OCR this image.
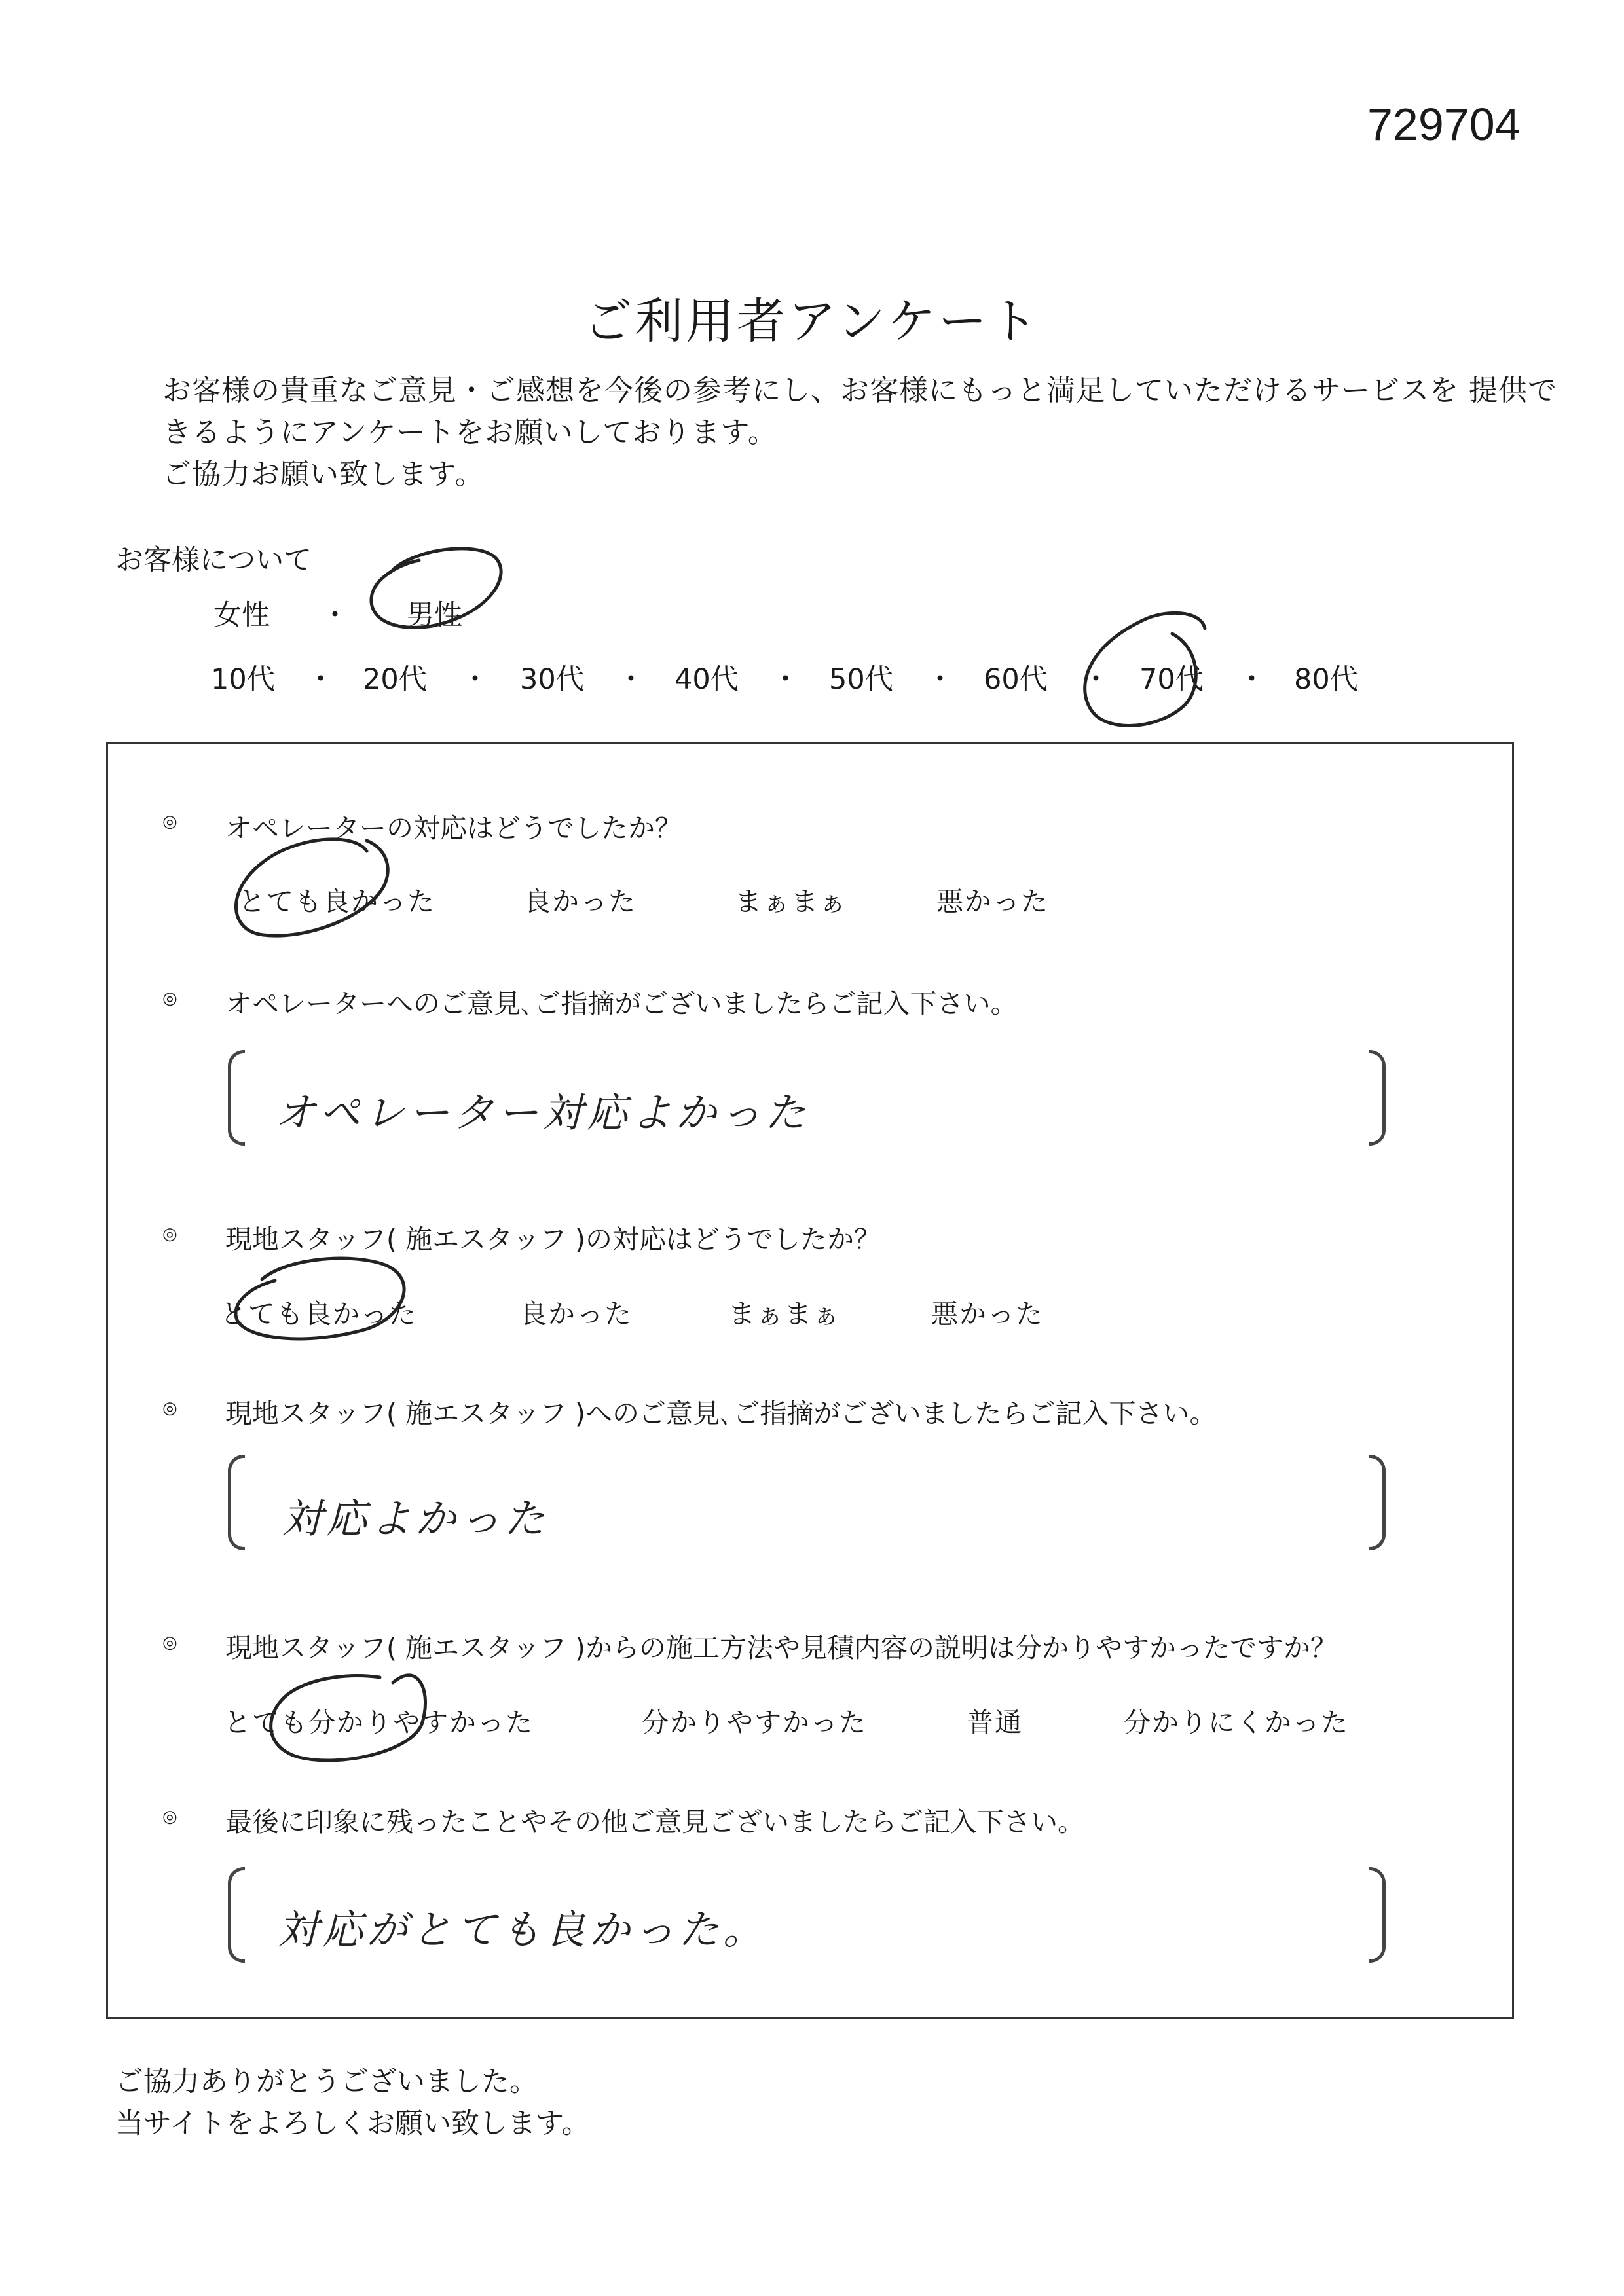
729704
ご利用者アンケート
お客様の貴重なご意見・ご感想を今後の参考にし、お客様にもっと満足していただけるサービスを 提供で
きるようにアンケートをお願いしております。
ご協力お願い致します。
お客様について
女性 ・ 男性
10代 ・ 20代 ・ 30代 ・ 40代 ・ 50代 ・ 60代 ・ 70代 ・ 80代
◎ オペレーターの対応はどうでしたか？
とても良かった	良かった	まぁまぁ	悪かった
◎ オペレーターへのご意見､ご指摘がございましたらご記入下さい。
オペレーター対応よかった
◎ 現地スタッフ( 施エスタッフ )の対応はどうでしたか？
とても良かった	良かった	まぁまぁ	悪かった
◎ 現地スタッフ( 施エスタッフ )へのご意見､ご指摘がございましたらご記入下さい。
対応よかった
◎ 現地スタッフ( 施エスタッフ )からの施工方法や見積内容の説明は分かりやすかったですか？
とても分かりやすかった	分かりやすかった	普通	分かりにくかった
◎ 最後に印象に残ったことやその他ご意見ございましたらご記入下さい。
対応がとても良かった。
ご協力ありがとうございました。
当サイトをよろしくお願い致します。
